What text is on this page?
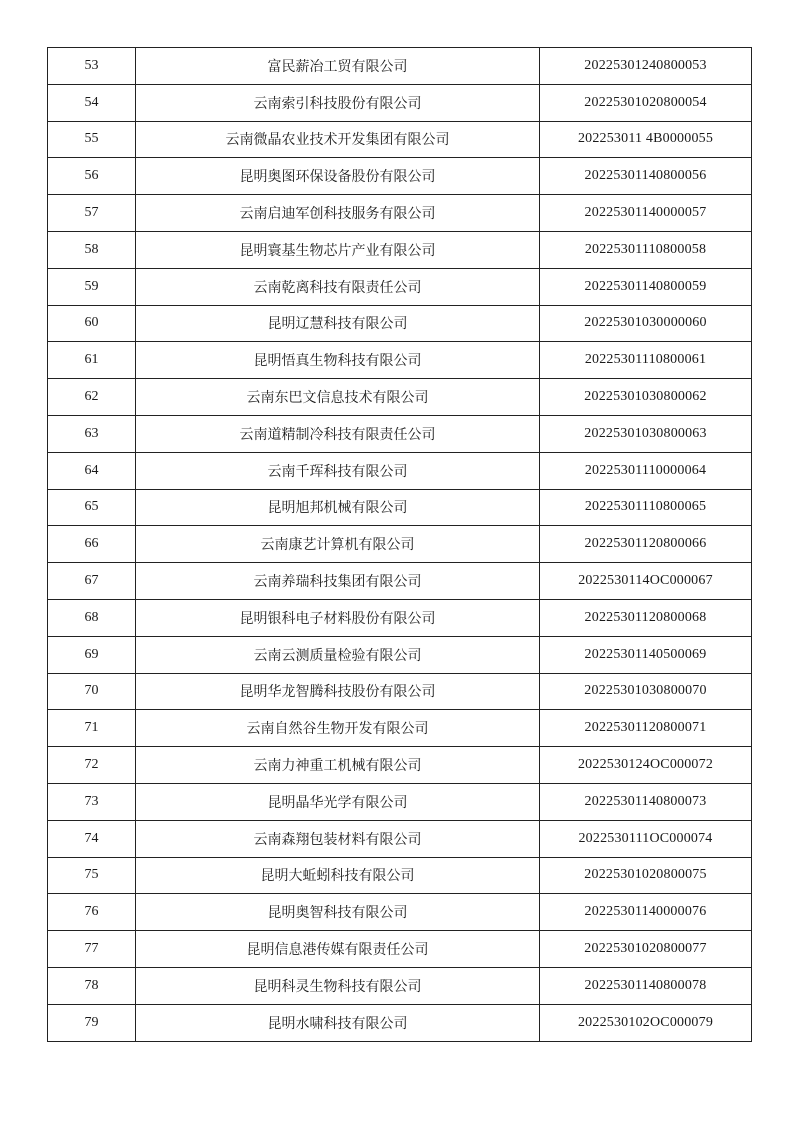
53	富民薪冶工贸有限公司	20225301240800053
54	云南索引科技股份有限公司	20225301020800054
55	云南微晶农业技术开发集团有限公司	202253011 4B0000055
56	昆明奥图环保设备股份有限公司	20225301140800056
57	云南启迪军创科技服务有限公司	20225301140000057
58	昆明寰基生物芯片产业有限公司	20225301110800058
59	云南乾离科技有限责任公司	20225301140800059
60	昆明辽慧科技有限公司	20225301030000060
61	昆明悟真生物科技有限公司	20225301110800061
62	云南东巴文信息技术有限公司	20225301030800062
63	云南道精制冷科技有限责任公司	20225301030800063
64	云南千珲科技有限公司	20225301110000064
65	昆明旭邦机械有限公司	20225301110800065
66	云南康艺计算机有限公司	20225301120800066
67	云南养瑞科技集团有限公司	2022530114OC000067
68	昆明银科电子材料股份有限公司	20225301120800068
69	云南云测质量检验有限公司	20225301140500069
70	昆明华龙智腾科技股份有限公司	20225301030800070
71	云南自然谷生物开发有限公司	20225301120800071
72	云南力神重工机械有限公司	2022530124OC000072
73	昆明晶华光学有限公司	20225301140800073
74	云南森翔包装材料有限公司	2022530111OC000074
75	昆明大蚯蚓科技有限公司	20225301020800075
76	昆明奥智科技有限公司	20225301140000076
77	昆明信息港传媒有限责任公司	20225301020800077
78	昆明科灵生物科技有限公司	20225301140800078
79	昆明水啸科技有限公司	2022530102OC000079
